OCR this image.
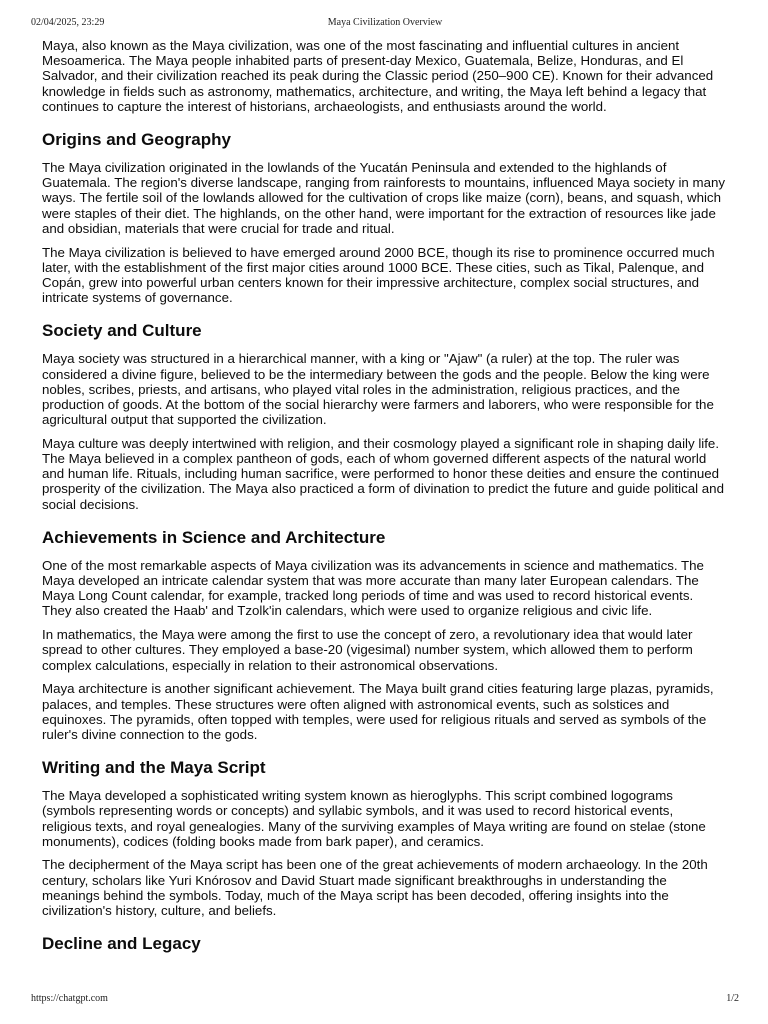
02/04/2025, 23:29	Maya Civilization Overview

Maya, also known as the Maya civilization, was one of the most fascinating and influential cultures in ancient Mesoamerica. The Maya people inhabited parts of present-day Mexico, Guatemala, Belize, Honduras, and El Salvador, and their civilization reached its peak during the Classic period (250–900 CE). Known for their advanced knowledge in fields such as astronomy, mathematics, architecture, and writing, the Maya left behind a legacy that continues to capture the interest of historians, archaeologists, and enthusiasts around the world.

Origins and Geography

The Maya civilization originated in the lowlands of the Yucatán Peninsula and extended to the highlands of Guatemala. The region's diverse landscape, ranging from rainforests to mountains, influenced Maya society in many ways. The fertile soil of the lowlands allowed for the cultivation of crops like maize (corn), beans, and squash, which were staples of their diet. The highlands, on the other hand, were important for the extraction of resources like jade and obsidian, materials that were crucial for trade and ritual.

The Maya civilization is believed to have emerged around 2000 BCE, though its rise to prominence occurred much later, with the establishment of the first major cities around 1000 BCE. These cities, such as Tikal, Palenque, and Copán, grew into powerful urban centers known for their impressive architecture, complex social structures, and intricate systems of governance.

Society and Culture

Maya society was structured in a hierarchical manner, with a king or "Ajaw" (a ruler) at the top. The ruler was considered a divine figure, believed to be the intermediary between the gods and the people. Below the king were nobles, scribes, priests, and artisans, who played vital roles in the administration, religious practices, and the production of goods. At the bottom of the social hierarchy were farmers and laborers, who were responsible for the agricultural output that supported the civilization.

Maya culture was deeply intertwined with religion, and their cosmology played a significant role in shaping daily life. The Maya believed in a complex pantheon of gods, each of whom governed different aspects of the natural world and human life. Rituals, including human sacrifice, were performed to honor these deities and ensure the continued prosperity of the civilization. The Maya also practiced a form of divination to predict the future and guide political and social decisions.

Achievements in Science and Architecture

One of the most remarkable aspects of Maya civilization was its advancements in science and mathematics. The Maya developed an intricate calendar system that was more accurate than many later European calendars. The Maya Long Count calendar, for example, tracked long periods of time and was used to record historical events. They also created the Haab' and Tzolk'in calendars, which were used to organize religious and civic life.

In mathematics, the Maya were among the first to use the concept of zero, a revolutionary idea that would later spread to other cultures. They employed a base-20 (vigesimal) number system, which allowed them to perform complex calculations, especially in relation to their astronomical observations.

Maya architecture is another significant achievement. The Maya built grand cities featuring large plazas, pyramids, palaces, and temples. These structures were often aligned with astronomical events, such as solstices and equinoxes. The pyramids, often topped with temples, were used for religious rituals and served as symbols of the ruler's divine connection to the gods.

Writing and the Maya Script

The Maya developed a sophisticated writing system known as hieroglyphs. This script combined logograms (symbols representing words or concepts) and syllabic symbols, and it was used to record historical events, religious texts, and royal genealogies. Many of the surviving examples of Maya writing are found on stelae (stone monuments), codices (folding books made from bark paper), and ceramics.

The decipherment of the Maya script has been one of the great achievements of modern archaeology. In the 20th century, scholars like Yuri Knórosov and David Stuart made significant breakthroughs in understanding the meanings behind the symbols. Today, much of the Maya script has been decoded, offering insights into the civilization's history, culture, and beliefs.

Decline and Legacy
https://chatgpt.com	1/2
